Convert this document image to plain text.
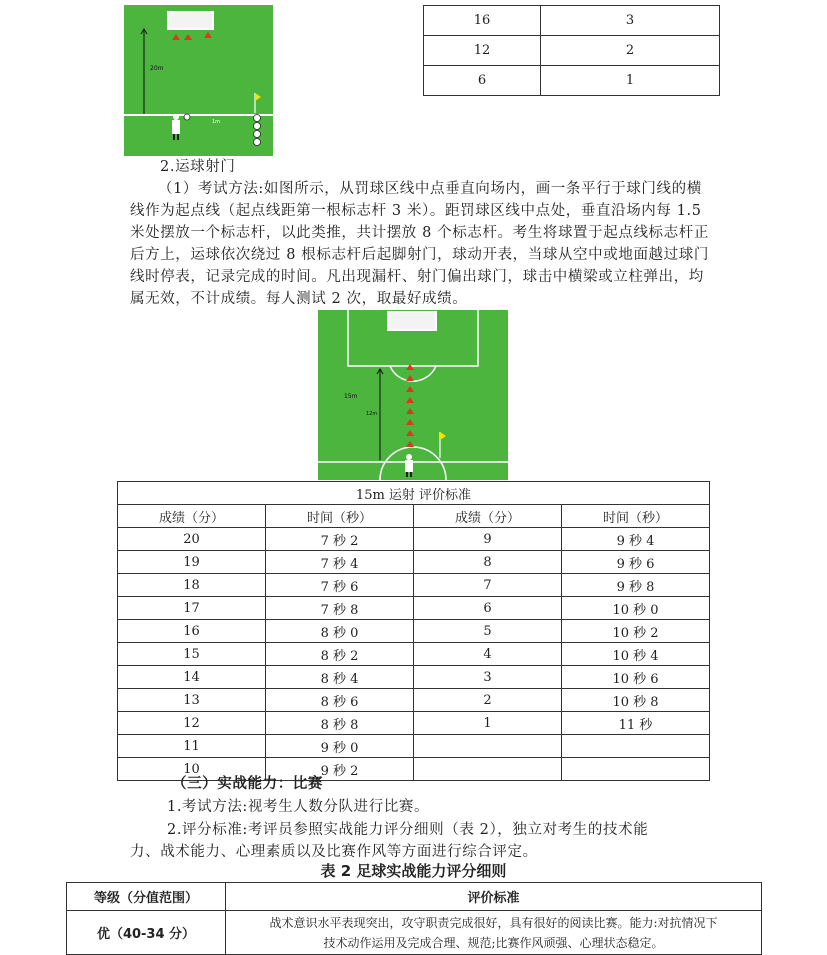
20m
1m
16	3
12	2
6	1
2.运球射门
（1）考试方法:如图所示，从罚球区线中点垂直向场内，画一条平行于球门线的横
线作为起点线（起点线距第一根标志杆 3 米）。距罚球区线中点处，垂直沿场内每 1.5
米处摆放一个标志杆，以此类推，共计摆放 8 个标志杆。考生将球置于起点线标志杆正
后方上，运球依次绕过 8 根标志杆后起脚射门，球动开表，当球从空中或地面越过球门
线时停表，记录完成的时间。凡出现漏杆、射门偏出球门，球击中横梁或立柱弹出，均
属无效，不计成绩。每人测试 2 次，取最好成绩。
15m
12m
15m 运射 评价标准			
成绩（分）	时间（秒）	成绩（分）	时间（秒）
20	7 秒 2	9	9 秒 4
19	7 秒 4	8	9 秒 6
18	7 秒 6	7	9 秒 8
17	7 秒 8	6	10 秒 0
16	8 秒 0	5	10 秒 2
15	8 秒 2	4	10 秒 4
14	8 秒 4	3	10 秒 6
13	8 秒 6	2	10 秒 8
12	8 秒 8	1	11 秒
11	9 秒 0		
10	9 秒 2		
（三）实战能力：比赛
1.考试方法:视考生人数分队进行比赛。
2.评分标准:考评员参照实战能力评分细则（表 2），独立对考生的技术能
力、战术能力、心理素质以及比赛作风等方面进行综合评定。
表 2 足球实战能力评分细则
等级（分值范围）	评价标准
优（40-34 分）	战术意识水平表现突出，攻守职责完成很好，具有很好的阅读比赛。能力:对抗情况下
技术动作运用及完成合理、规范;比赛作风顽强、心理状态稳定。
